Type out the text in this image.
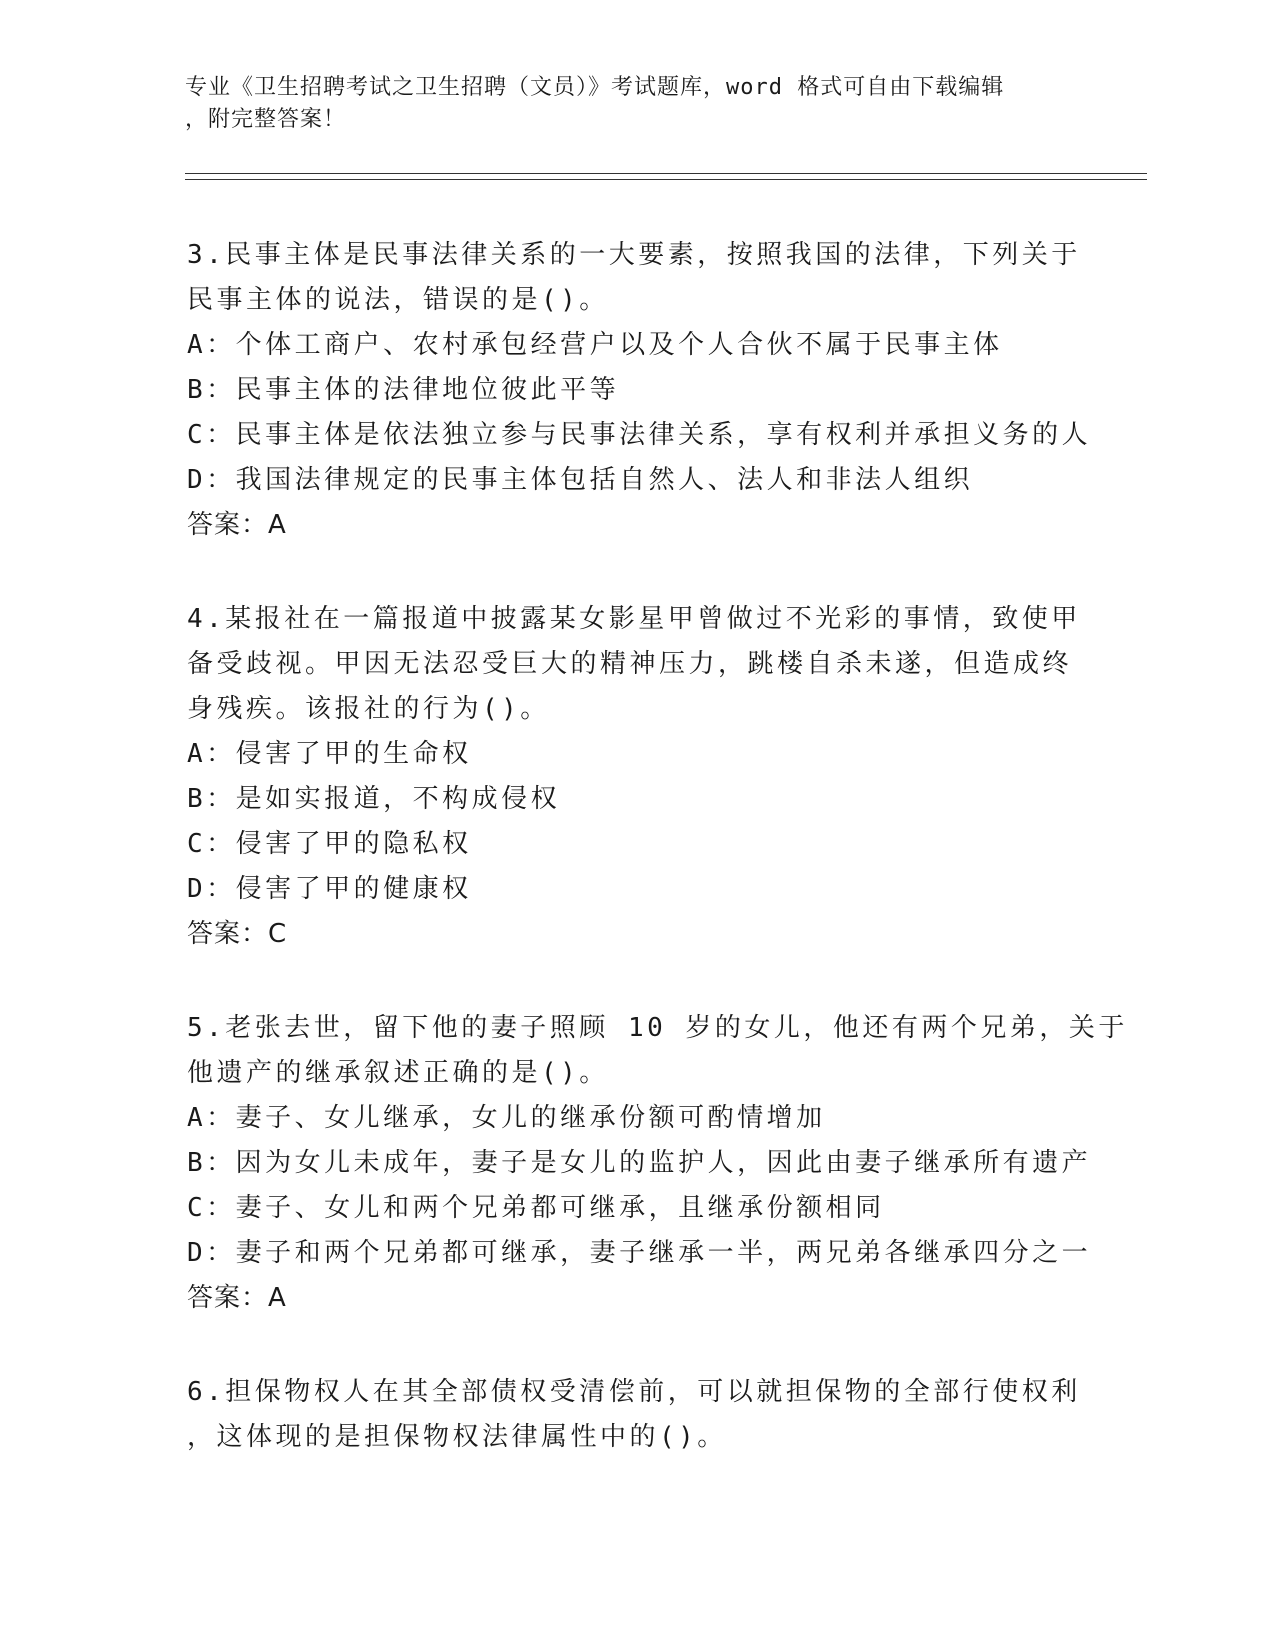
专业《卫生招聘考试之卫生招聘（文员）》考试题库，word 格式可自由下载编辑
，附完整答案！
3.民事主体是民事法律关系的一大要素，按照我国的法律，下列关于
民事主体的说法，错误的是()。
A：个体工商户、农村承包经营户以及个人合伙不属于民事主体
B：民事主体的法律地位彼此平等
C：民事主体是依法独立参与民事法律关系，享有权利并承担义务的人
D：我国法律规定的民事主体包括自然人、法人和非法人组织
答案：A
4.某报社在一篇报道中披露某女影星甲曾做过不光彩的事情，致使甲
备受歧视。甲因无法忍受巨大的精神压力，跳楼自杀未遂，但造成终
身残疾。该报社的行为()。
A：侵害了甲的生命权
B：是如实报道，不构成侵权
C：侵害了甲的隐私权
D：侵害了甲的健康权
答案：C
5.老张去世，留下他的妻子照顾 10 岁的女儿，他还有两个兄弟，关于
他遗产的继承叙述正确的是()。
A：妻子、女儿继承，女儿的继承份额可酌情增加
B：因为女儿未成年，妻子是女儿的监护人，因此由妻子继承所有遗产
C：妻子、女儿和两个兄弟都可继承，且继承份额相同
D：妻子和两个兄弟都可继承，妻子继承一半，两兄弟各继承四分之一
答案：A
6.担保物权人在其全部债权受清偿前，可以就担保物的全部行使权利
，这体现的是担保物权法律属性中的()。
